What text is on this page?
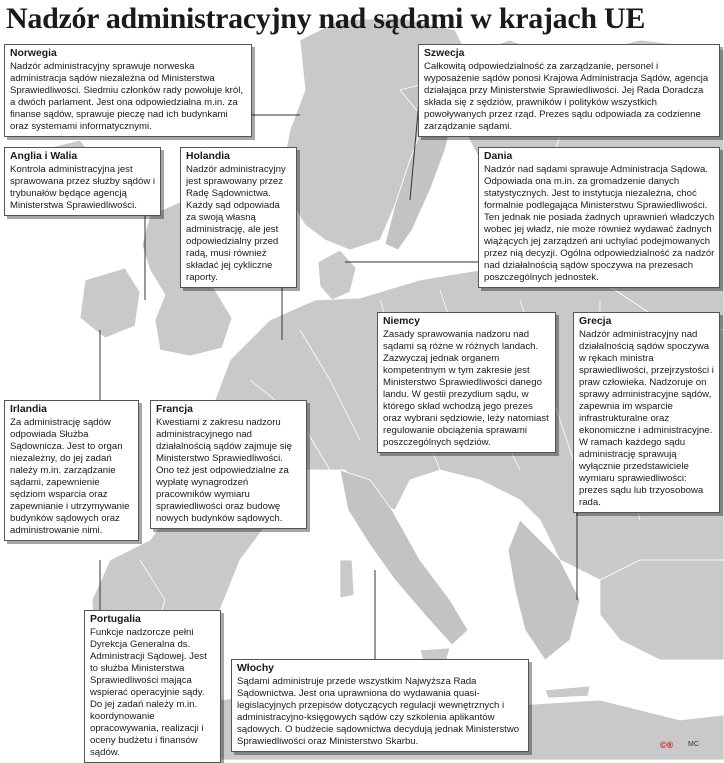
Nadzór administracyjny nad sądami w krajach UE
Norwegia
Nadzór administracyjny sprawuje norweska administracja sądów niezależna od Ministerstwa Sprawiedliwości. Siedmiu członków rady powołuje król, a dwóch parlament. Jest ona odpowiedzialna m.in. za finanse sądów, sprawuje pieczę nad ich budynkami oraz systemami informatycznymi.
Szwecja
Całkowitą odpowiedzialność za zarządzanie, personel i wyposażenie sądów ponosi Krajowa Administracja Sądów, agencja działająca przy Ministerstwie Sprawiedliwości. Jej Rada Doradcza składa się z sędziów, prawników i polityków wszystkich powoływanych przez rząd. Prezes sądu odpowiada za codzienne zarządzanie sądami.
Anglia i Walia
Kontrola administracyjna jest sprawowana przez służby sądów i trybunałów będące agencją Ministerstwa Sprawiedliwości.
Holandia
Nadzór administracyjny jest sprawowany przez Radę Sądownictwa. Każdy sąd odpowiada za swoją własną administrację, ale jest odpowiedzialny przed radą, musi również składać jej cykliczne raporty.
Dania
Nadzór nad sądami sprawuje Administracja Sądowa. Odpowiada ona m.in. za gromadzenie danych statystycznych. Jest to instytucja niezależna, choć formalnie podlegająca Ministerstwu Sprawiedliwości. Ten jednak nie posiada żadnych uprawnień władczych wobec jej władz, nie może również wydawać żadnych wiążących jej zarządzeń ani uchylać podejmowanych przez nią decyzji. Ogólna odpowiedzialność za nadzór nad działalnością sądów spoczywa na prezesach poszczególnych jednostek.
Niemcy
Zasady sprawowania nadzoru nad sądami są różne w różnych landach. Zazwyczaj jednak organem kompetentnym w tym zakresie jest Ministerstwo Sprawiedliwości danego landu. W gestii prezydium sądu, w którego skład wchodzą jego prezes oraz wybrani sędziowie, leży natomiast regulowanie obciążenia sprawami poszczególnych sędziów.
Grecja
Nadzór administracyjny nad działalnością sądów spoczywa w rękach ministra sprawiedliwości, przejrzystości i praw człowieka. Nadzoruje on sprawy administracyjne sądów, zapewnia im wsparcie infrastrukturalne oraz ekonomiczne i administracyjne. W ramach każdego sądu administrację sprawują wyłącznie przedstawiciele wymiaru sprawiedliwości: prezes sądu lub trzyosobowa rada.
Irlandia
Za administrację sądów odpowiada Służba Sądownicza. Jest to organ niezależny, do jej zadań należy m.in. zarządzanie sądami, zapewnienie sędziom wsparcia oraz zapewnianie i utrzymywanie budynków sądowych oraz administrowanie nimi.
Francja
Kwestiami z zakresu nadzoru administracyjnego nad działalnością sądów zajmuje się Ministerstwo Sprawiedliwości. Ono też jest odpowiedzialne za wypłatę wynagrodzeń pracowników wymiaru sprawiedliwości oraz budowę nowych budynków sądowych.
Portugalia
Funkcje nadzorcze pełni Dyrekcja Generalna ds. Administracji Sądowej. Jest to służba Ministerstwa Sprawiedliwości mająca wspierać operacyjnie sądy. Do jej zadań należy m.in. koordynowanie opracowywania, realizacji i oceny budżetu i finansów sądów.
Włochy
Sądami administruje przede wszystkim Najwyższa Rada Sądownictwa. Jest ona uprawniona do wydawania quasi-legislacyjnych przepisów dotyczących regulacji wewnętrznych i administracyjno-księgowych sądów czy szkolenia aplikantów sądowych. O budżecie sądownictwa decydują jednak Ministerstwo Sprawiedliwości oraz Ministerstwo Skarbu.	©® MC
